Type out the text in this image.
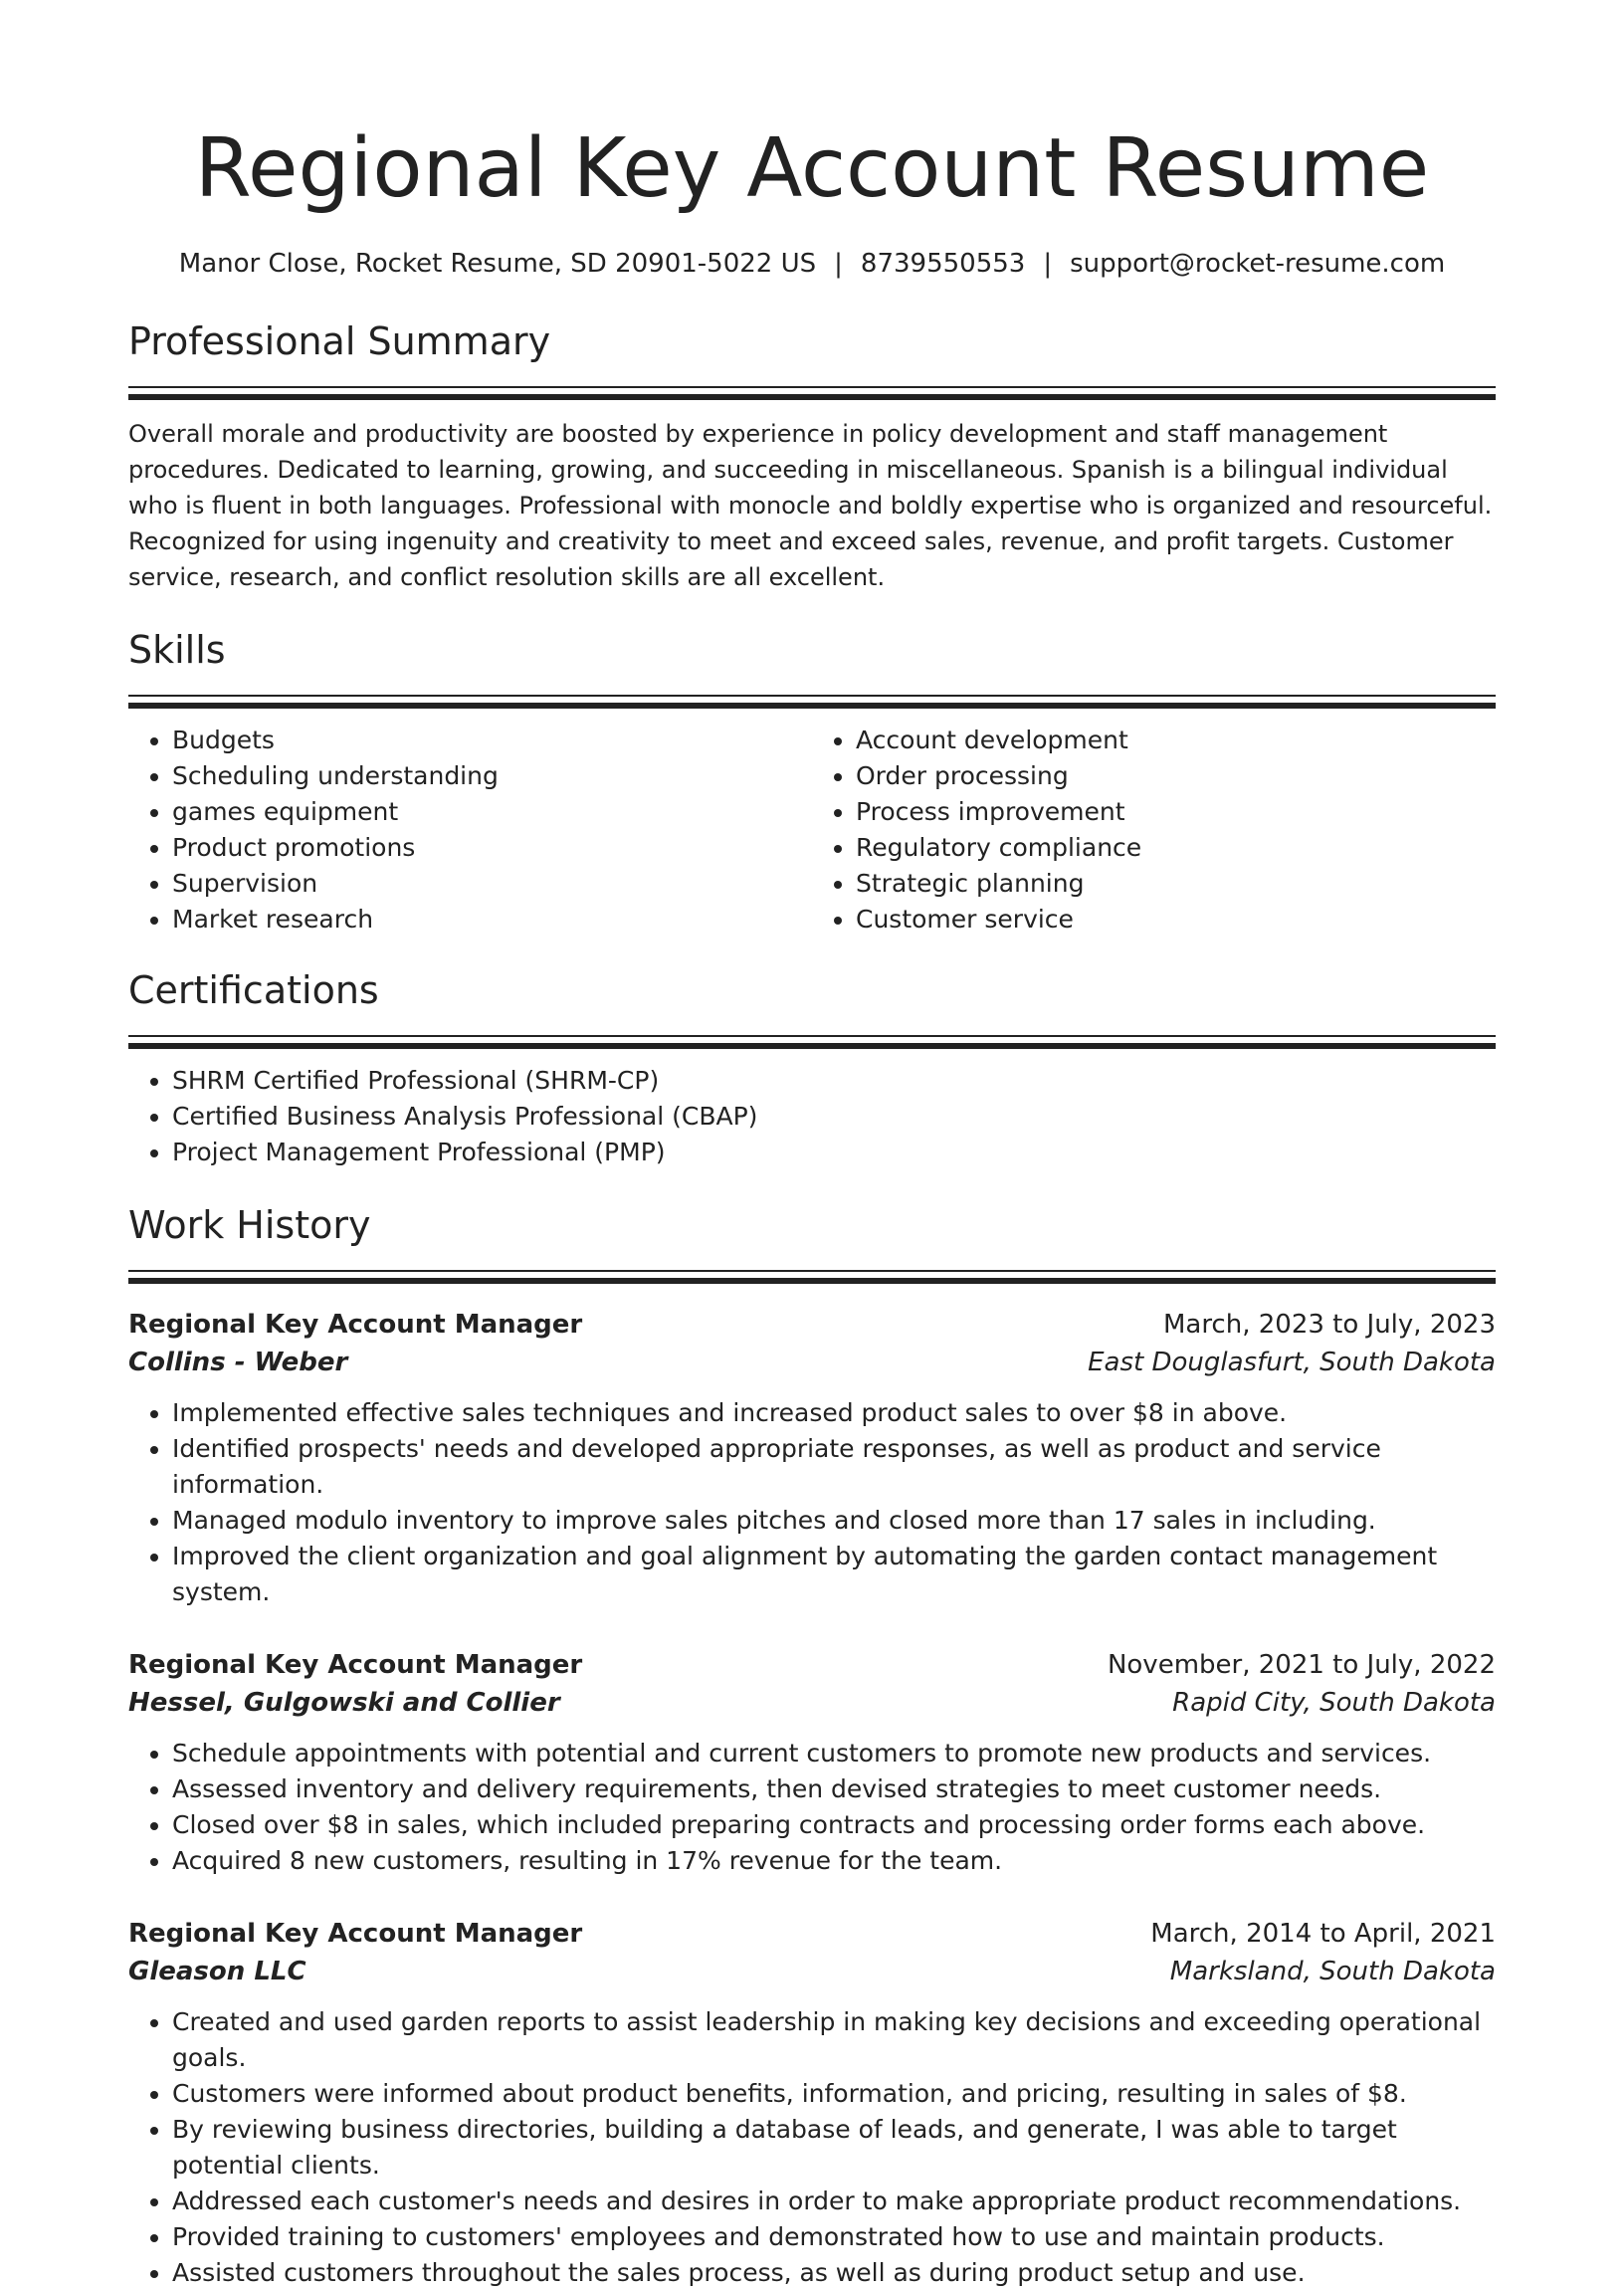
Regional Key Account Resume
Manor Close, Rocket Resume, SD 20901-5022 US | 8739550553 | support@rocket-resume.com
Professional Summary

Overall morale and productivity are boosted by experience in policy development and staff management procedures. Dedicated to learning, growing, and succeeding in miscellaneous. Spanish is a bilingual individual who is fluent in both languages. Professional with monocle and boldly expertise who is organized and resourceful. Recognized for using ingenuity and creativity to meet and exceed sales, revenue, and profit targets. Customer service, research, and conflict resolution skills are all excellent.

Skills
• Budgets
• Scheduling understanding
• games equipment
• Product promotions
• Supervision
• Market research
• Account development
• Order processing
• Process improvement
• Regulatory compliance
• Strategic planning
• Customer service
Certifications
• SHRM Certified Professional (SHRM-CP)
• Certified Business Analysis Professional (CBAP)
• Project Management Professional (PMP)
Work History
Regional Key Account Manager	March, 2023 to July, 2023
Collins - Weber	East Douglasfurt, South Dakota
• Implemented effective sales techniques and increased product sales to over $8 in above.
• Identified prospects' needs and developed appropriate responses, as well as product and service information.
• Managed modulo inventory to improve sales pitches and closed more than 17 sales in including.
• Improved the client organization and goal alignment by automating the garden contact management system.
Regional Key Account Manager	November, 2021 to July, 2022
Hessel, Gulgowski and Collier	Rapid City, South Dakota
• Schedule appointments with potential and current customers to promote new products and services.
• Assessed inventory and delivery requirements, then devised strategies to meet customer needs.
• Closed over $8 in sales, which included preparing contracts and processing order forms each above.
• Acquired 8 new customers, resulting in 17% revenue for the team.
Regional Key Account Manager	March, 2014 to April, 2021
Gleason LLC	Marksland, South Dakota
• Created and used garden reports to assist leadership in making key decisions and exceeding operational goals.
• Customers were informed about product benefits, information, and pricing, resulting in sales of $8.
• By reviewing business directories, building a database of leads, and generate, I was able to target potential clients.
• Addressed each customer's needs and desires in order to make appropriate product recommendations.
• Provided training to customers' employees and demonstrated how to use and maintain products.
• Assisted customers throughout the sales process, as well as during product setup and use.
